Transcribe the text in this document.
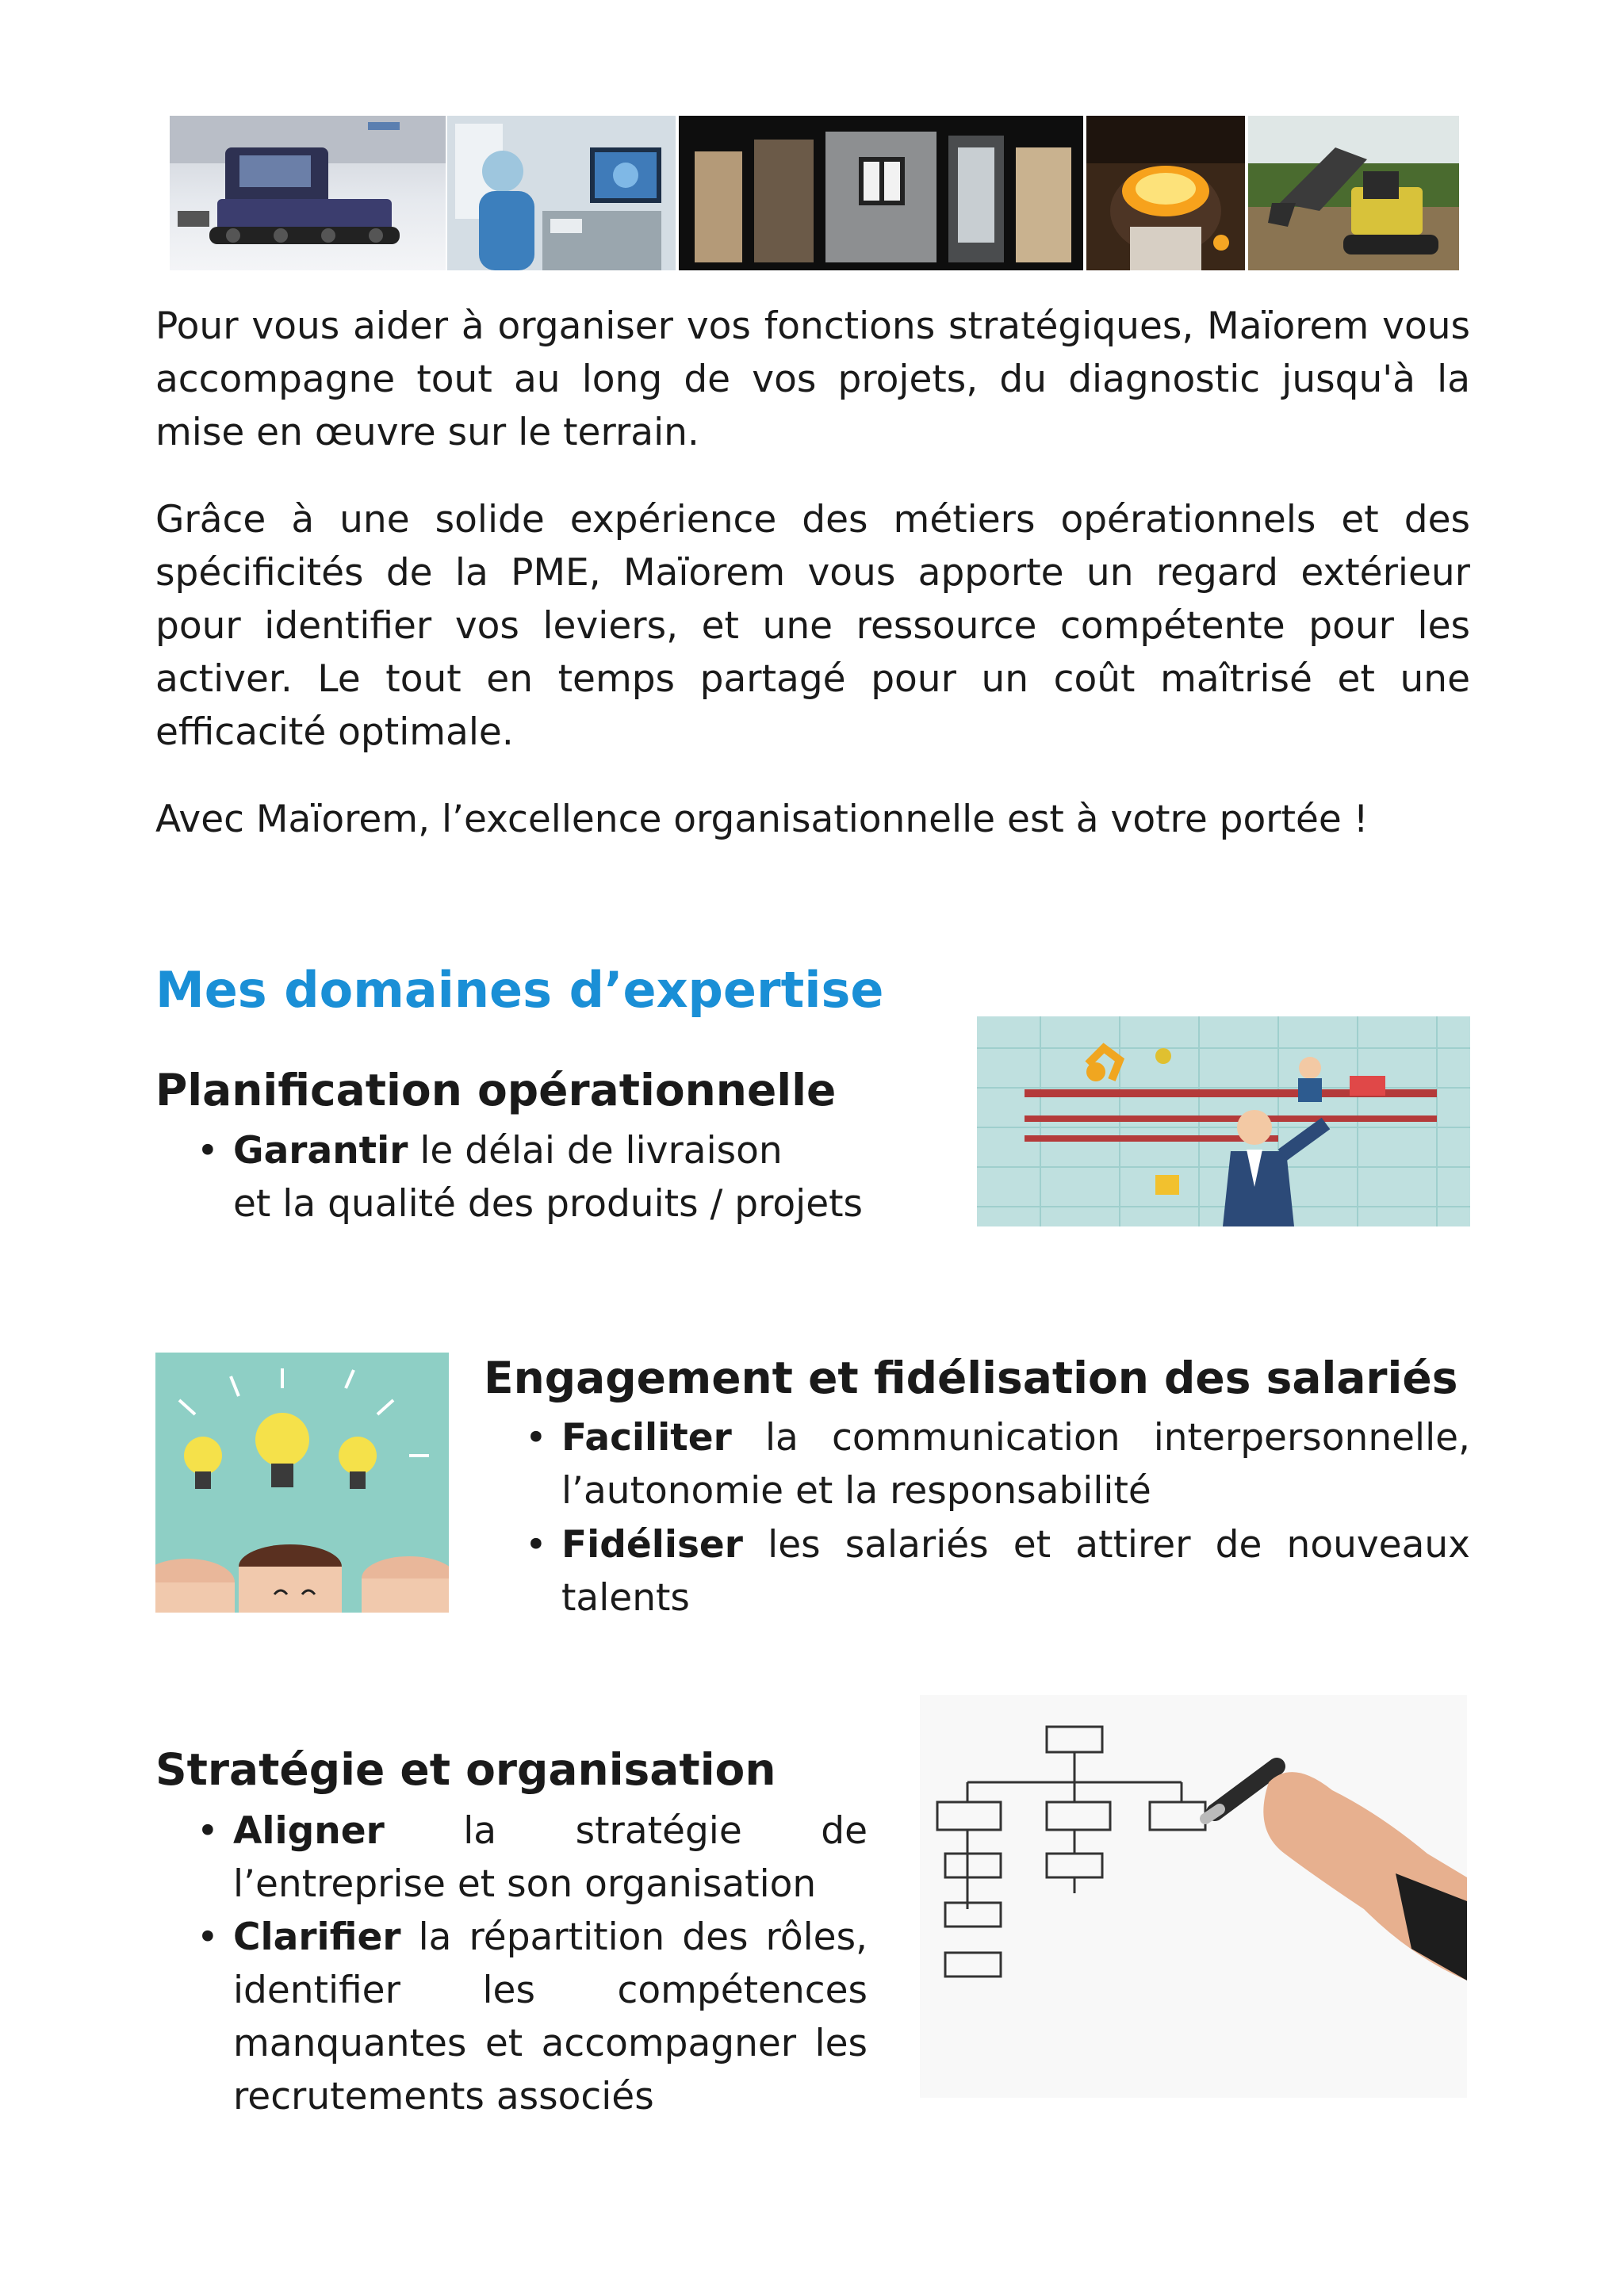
Pour vous aider à organiser vos fonctions stratégiques, Maïorem vous accompagne tout au long de vos projets, du diagnostic jusqu'à la mise en œuvre sur le terrain.

Grâce à une solide expérience des métiers opérationnels et des spécificités de la PME, Maïorem vous apporte un regard extérieur pour identifier vos leviers, et une ressource compétente pour les activer. Le tout en temps partagé pour un coût maîtrisé et une efficacité optimale.

Avec Maïorem, l’excellence organisationnelle est à votre portée !

Mes domaines d’expertise
Planification opérationnelle
• Garantir le délai de livraison
et la qualité des produits / projets
Engagement et fidélisation des salariés
• Faciliter la communication interpersonnelle, l’autonomie et la responsabilité
• Fidéliser les salariés et attirer de nouveaux talents
Stratégie et organisation
• Aligner la stratégie de l’entreprise et son organisation
• Clarifier la répartition des rôles, identifier les compétences manquantes et accompagner les recrutements associés
